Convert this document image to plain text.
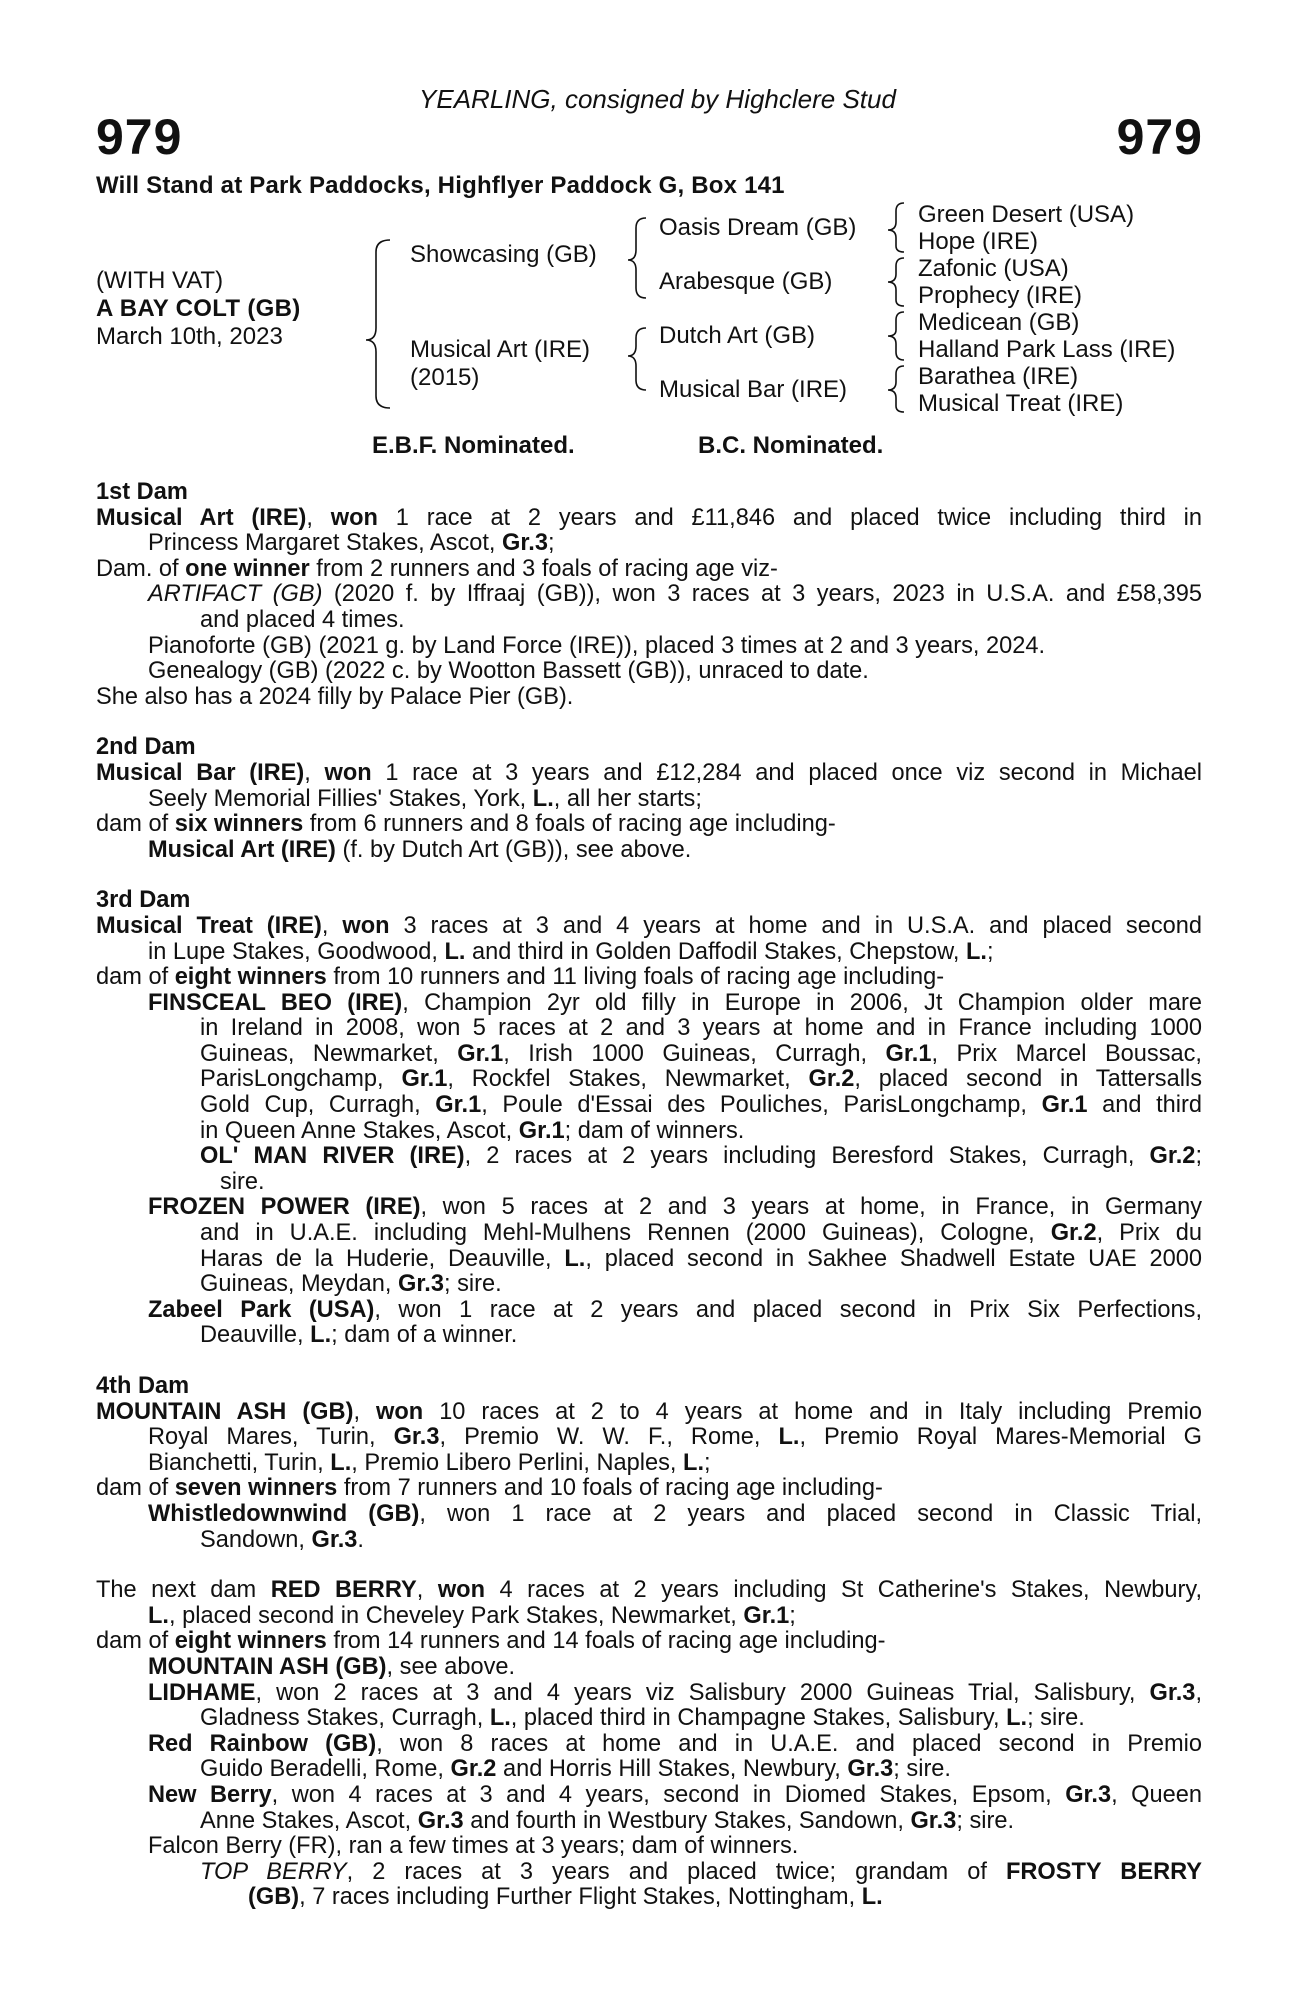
YEARLING, consigned by Highclere Stud
979	979
Will Stand at Park Paddocks, Highflyer Paddock G, Box 141
(WITH VAT)
A BAY COLT (GB)
March 10th, 2023
Showcasing (GB)
Musical Art (IRE)
(2015)
Oasis Dream (GB)
Arabesque (GB)
Dutch Art (GB)
Musical Bar (IRE)
Green Desert (USA)
Hope (IRE)
Zafonic (USA)
Prophecy (IRE)
Medicean (GB)
Halland Park Lass (IRE)
Barathea (IRE)
Musical Treat (IRE)
E.B.F. Nominated.	B.C. Nominated.
1st Dam
Musical Art (IRE), won 1 race at 2 years and £11,846 and placed twice including third in
Princess Margaret Stakes, Ascot, Gr.3;
Dam. of one winner from 2 runners and 3 foals of racing age viz-
ARTIFACT (GB) (2020 f. by Iffraaj (GB)), won 3 races at 3 years, 2023 in U.S.A. and £58,395
and placed 4 times.
Pianoforte (GB) (2021 g. by Land Force (IRE)), placed 3 times at 2 and 3 years, 2024.
Genealogy (GB) (2022 c. by Wootton Bassett (GB)), unraced to date.
She also has a 2024 filly by Palace Pier (GB).
2nd Dam
Musical Bar (IRE), won 1 race at 3 years and £12,284 and placed once viz second in Michael
Seely Memorial Fillies' Stakes, York, L., all her starts;
dam of six winners from 6 runners and 8 foals of racing age including-
Musical Art (IRE) (f. by Dutch Art (GB)), see above.
3rd Dam
Musical Treat (IRE), won 3 races at 3 and 4 years at home and in U.S.A. and placed second
in Lupe Stakes, Goodwood, L. and third in Golden Daffodil Stakes, Chepstow, L.;
dam of eight winners from 10 runners and 11 living foals of racing age including-
FINSCEAL BEO (IRE), Champion 2yr old filly in Europe in 2006, Jt Champion older mare
in Ireland in 2008, won 5 races at 2 and 3 years at home and in France including 1000
Guineas, Newmarket, Gr.1, Irish 1000 Guineas, Curragh, Gr.1, Prix Marcel Boussac,
ParisLongchamp, Gr.1, Rockfel Stakes, Newmarket, Gr.2, placed second in Tattersalls
Gold Cup, Curragh, Gr.1, Poule d'Essai des Pouliches, ParisLongchamp, Gr.1 and third
in Queen Anne Stakes, Ascot, Gr.1; dam of winners.
OL' MAN RIVER (IRE), 2 races at 2 years including Beresford Stakes, Curragh, Gr.2;
sire.
FROZEN POWER (IRE), won 5 races at 2 and 3 years at home, in France, in Germany
and in U.A.E. including Mehl-Mulhens Rennen (2000 Guineas), Cologne, Gr.2, Prix du
Haras de la Huderie, Deauville, L., placed second in Sakhee Shadwell Estate UAE 2000
Guineas, Meydan, Gr.3; sire.
Zabeel Park (USA), won 1 race at 2 years and placed second in Prix Six Perfections,
Deauville, L.; dam of a winner.
4th Dam
MOUNTAIN ASH (GB), won 10 races at 2 to 4 years at home and in Italy including Premio
Royal Mares, Turin, Gr.3, Premio W. W. F., Rome, L., Premio Royal Mares-Memorial G
Bianchetti, Turin, L., Premio Libero Perlini, Naples, L.;
dam of seven winners from 7 runners and 10 foals of racing age including-
Whistledownwind (GB), won 1 race at 2 years and placed second in Classic Trial,
Sandown, Gr.3.
The next dam RED BERRY, won 4 races at 2 years including St Catherine's Stakes, Newbury,
L., placed second in Cheveley Park Stakes, Newmarket, Gr.1;
dam of eight winners from 14 runners and 14 foals of racing age including-
MOUNTAIN ASH (GB), see above.
LIDHAME, won 2 races at 3 and 4 years viz Salisbury 2000 Guineas Trial, Salisbury, Gr.3,
Gladness Stakes, Curragh, L., placed third in Champagne Stakes, Salisbury, L.; sire.
Red Rainbow (GB), won 8 races at home and in U.A.E. and placed second in Premio
Guido Beradelli, Rome, Gr.2 and Horris Hill Stakes, Newbury, Gr.3; sire.
New Berry, won 4 races at 3 and 4 years, second in Diomed Stakes, Epsom, Gr.3, Queen
Anne Stakes, Ascot, Gr.3 and fourth in Westbury Stakes, Sandown, Gr.3; sire.
Falcon Berry (FR), ran a few times at 3 years; dam of winners.
TOP BERRY, 2 races at 3 years and placed twice; grandam of FROSTY BERRY
(GB), 7 races including Further Flight Stakes, Nottingham, L.
